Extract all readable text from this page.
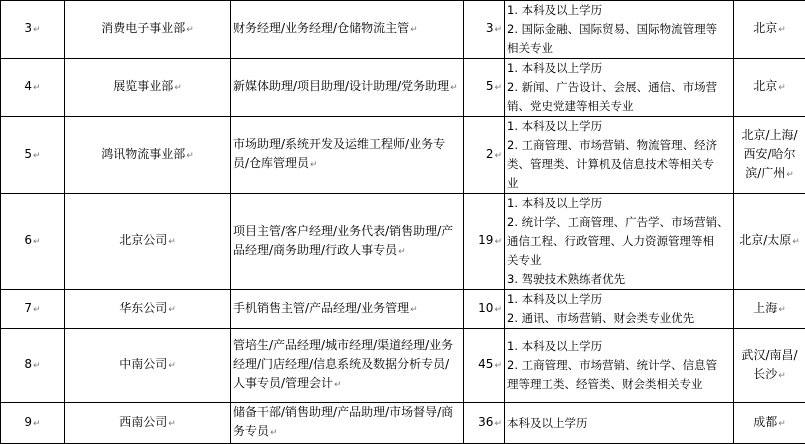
3↵	消费电子事业部↵	财务经理/业务经理/仓储物流主管↵	3↵	1. 本科及以上学历
2. 国际金融、国际贸易、国际物流管理等
相关专业	北京↵
4↵	展览事业部↵	新媒体助理/项目助理/设计助理/党务助理↵	5↵	1. 本科及以上学历
2. 新闻、广告设计、会展、通信、市场营
销、党史党建等相关专业	北京↵
5↵	鸿讯物流事业部↵	市场助理/系统开发及运维工程师/业务专员/仓库管理员↵	2↵	1. 本科及以上学历
2. 工商管理、市场营销、物流管理、经济
类、管理类、计算机及信息技术等相关专
业	北京/上海/西安/哈尔滨/广州↵
6↵	北京公司↵	项目主管/客户经理/业务代表/销售助理/产品经理/商务助理/行政人事专员↵	19↵	1. 本科及以上学历
2. 统计学、工商管理、广告学、市场营销、
通信工程、行政管理、人力资源管理等相
关专业
3. 驾驶技术熟练者优先	北京/太原↵
7↵	华东公司↵	手机销售主管/产品经理/业务管理↵	10↵	1. 本科及以上学历
2. 通讯、市场营销、财会类专业优先	上海↵
8↵	中南公司↵	管培生/产品经理/城市经理/渠道经理/业务经理/门店经理/信息系统及数据分析专员/人事专员/管理会计↵	45↵	1. 本科及以上学历
2. 工商管理、市场营销、统计学、信息管
理等理工类、经管类、财会类相关专业	武汉/南昌/长沙↵
9↵	西南公司↵	储备干部/销售助理/产品助理/市场督导/商务专员↵	36↵	本科及以上学历	成都↵
